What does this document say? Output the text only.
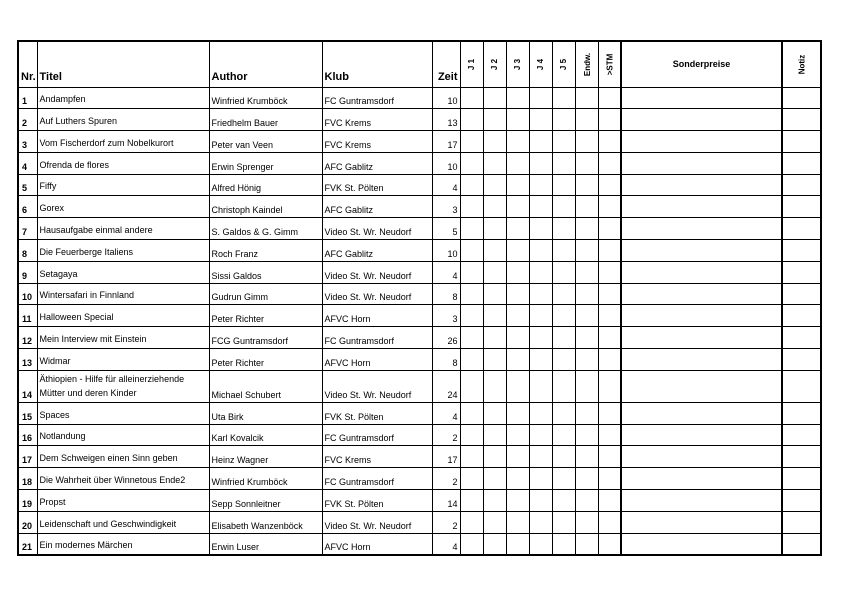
Nr.	Titel	Author	Klub	Zeit	J 1	J 2	J 3	J 4	J 5	Endw.	>STM	Sonderpreise	Notiz
1	Andampfen	Winfried Krumböck	FC Guntramsdorf	10									
2	Auf Luthers Spuren	Friedhelm Bauer	FVC Krems	13									
3	Vom Fischerdorf zum Nobelkurort	Peter van Veen	FVC Krems	17									
4	Ofrenda de flores	Erwin Sprenger	AFC Gablitz	10									
5	Fiffy	Alfred Hönig	FVK St. Pölten	4									
6	Gorex	Christoph Kaindel	AFC Gablitz	3									
7	Hausaufgabe einmal andere	S. Galdos & G. Gimm	Video St. Wr. Neudorf	5									
8	Die Feuerberge Italiens	Roch Franz	AFC Gablitz	10									
9	Setagaya	Sissi Galdos	Video St. Wr. Neudorf	4									
10	Wintersafari in Finnland	Gudrun Gimm	Video St. Wr. Neudorf	8									
11	Halloween Special	Peter Richter	AFVC Horn	3									
12	Mein Interview mit Einstein	FCG Guntramsdorf	FC Guntramsdorf	26									
13	Widmar	Peter Richter	AFVC Horn	8									
14	Äthiopien - Hilfe für alleinerziehende Mütter und deren Kinder	Michael Schubert	Video St. Wr. Neudorf	24									
15	Spaces	Uta Birk	FVK St. Pölten	4									
16	Notlandung	Karl Kovalcik	FC Guntramsdorf	2									
17	Dem Schweigen einen Sinn geben	Heinz Wagner	FVC Krems	17									
18	Die Wahrheit über Winnetous Ende2	Winfried Krumböck	FC Guntramsdorf	2									
19	Propst	Sepp Sonnleitner	FVK St. Pölten	14									
20	Leidenschaft und Geschwindigkeit	Elisabeth Wanzenböck	Video St. Wr. Neudorf	2									
21	Ein modernes Märchen	Erwin Luser	AFVC Horn	4									
